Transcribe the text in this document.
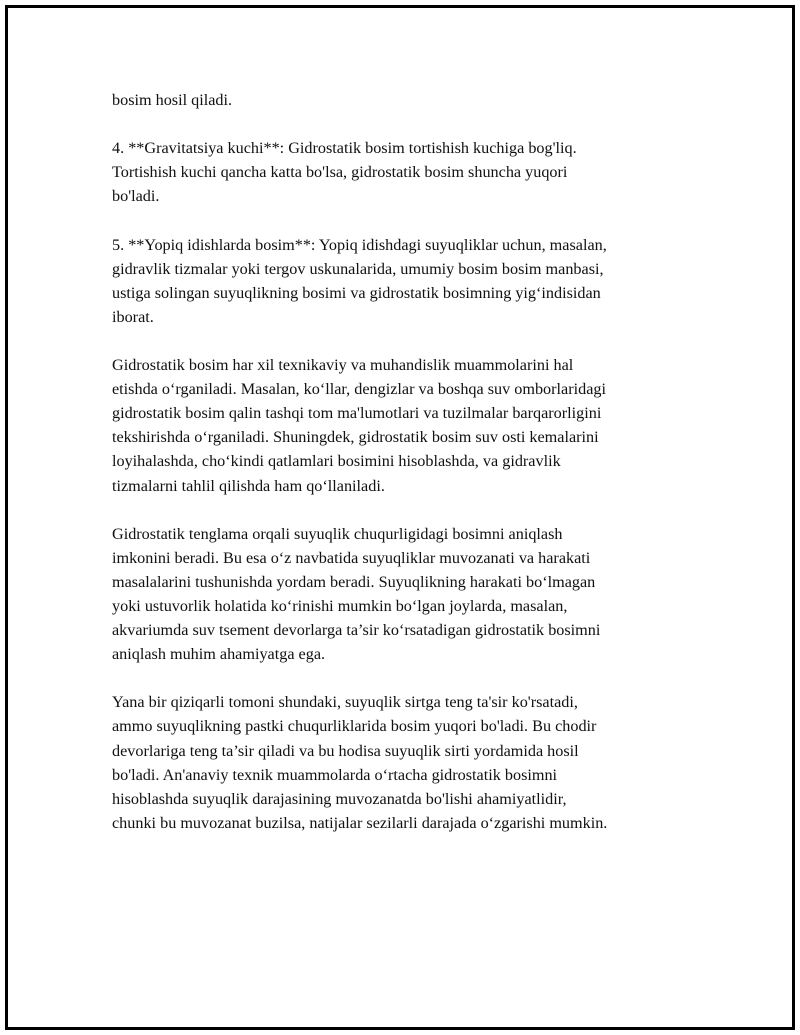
bosim hosil qiladi.

4. **Gravitatsiya kuchi**: Gidrostatik bosim tortishish kuchiga bog'liq.
Tortishish kuchi qancha katta bo'lsa, gidrostatik bosim shuncha yuqori
bo'ladi.

5. **Yopiq idishlarda bosim**: Yopiq idishdagi suyuqliklar uchun, masalan,
gidravlik tizmalar yoki tergov uskunalarida, umumiy bosim bosim manbasi,
ustiga solingan suyuqlikning bosimi va gidrostatik bosimning yig‘indisidan
iborat.

Gidrostatik bosim har xil texnikaviy va muhandislik muammolarini hal
etishda o‘rganiladi. Masalan, ko‘llar, dengizlar va boshqa suv omborlaridagi
gidrostatik bosim qalin tashqi tom ma'lumotlari va tuzilmalar barqarorligini
tekshirishda o‘rganiladi. Shuningdek, gidrostatik bosim suv osti kemalarini
loyihalashda, cho‘kindi qatlamlari bosimini hisoblashda, va gidravlik
tizmalarni tahlil qilishda ham qo‘llaniladi.

Gidrostatik tenglama orqali suyuqlik chuqurligidagi bosimni aniqlash
imkonini beradi. Bu esa o‘z navbatida suyuqliklar muvozanati va harakati
masalalarini tushunishda yordam beradi. Suyuqlikning harakati bo‘lmagan
yoki ustuvorlik holatida ko‘rinishi mumkin bo‘lgan joylarda, masalan,
akvariumda suv tsement devorlarga ta’sir ko‘rsatadigan gidrostatik bosimni
aniqlash muhim ahamiyatga ega.

Yana bir qiziqarli tomoni shundaki, suyuqlik sirtga teng ta'sir ko'rsatadi,
ammo suyuqlikning pastki chuqurliklarida bosim yuqori bo'ladi. Bu chodir
devorlariga teng ta’sir qiladi va bu hodisa suyuqlik sirti yordamida hosil
bo'ladi. An'anaviy texnik muammolarda o‘rtacha gidrostatik bosimni
hisoblashda suyuqlik darajasining muvozanatda bo'lishi ahamiyatlidir,
chunki bu muvozanat buzilsa, natijalar sezilarli darajada o‘zgarishi mumkin.
